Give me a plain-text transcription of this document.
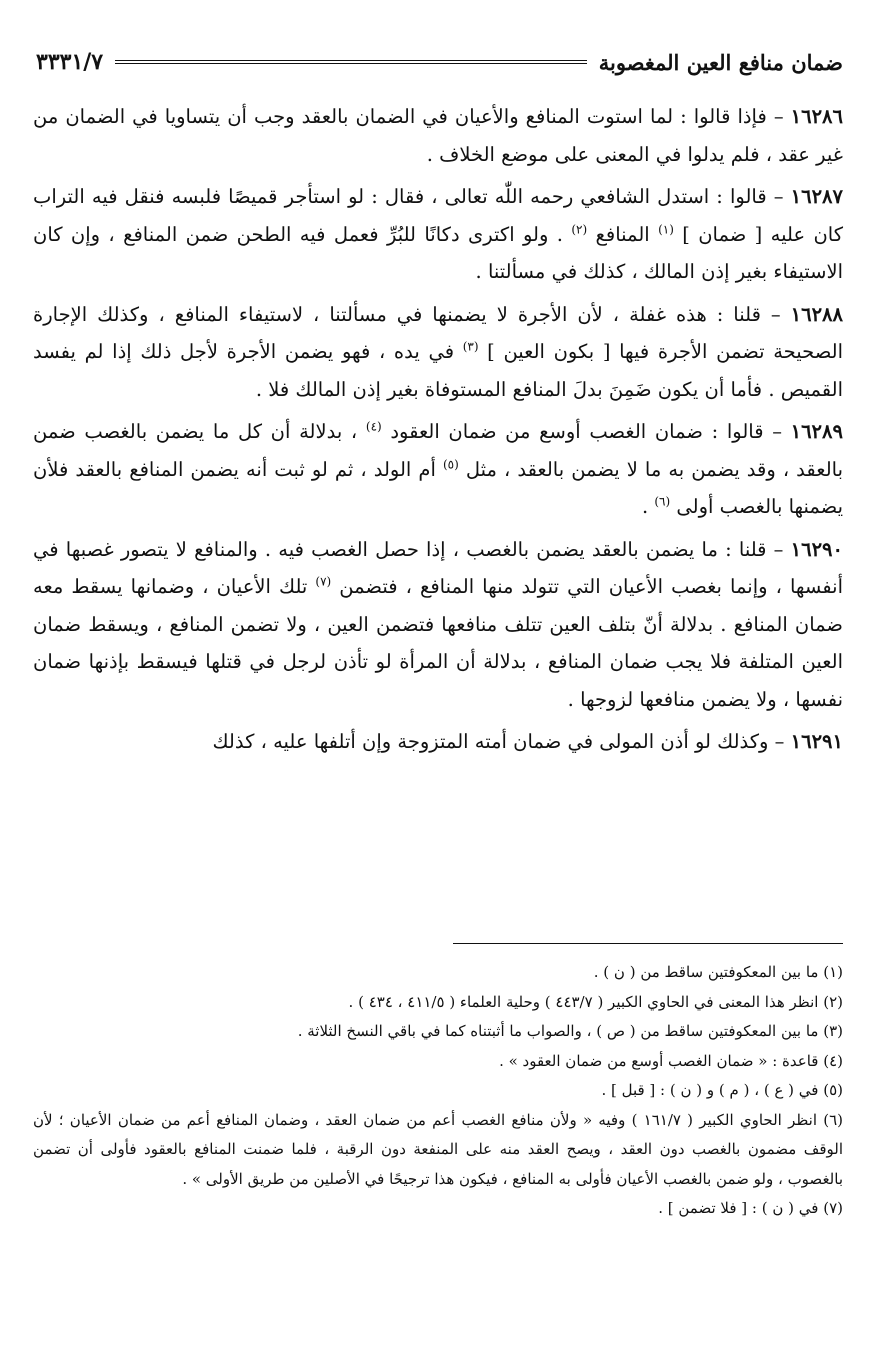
ضمان منافع العين المغصوبة
٣٣٣١/٧

١٦٢٨٦ – فإذا قالوا : لما استوت المنافع والأعيان في الضمان بالعقد وجب أن يتساويا في الضمان من غير عقد ، فلم يدلوا في المعنى على موضع الخلاف .

١٦٢٨٧ – قالوا : استدل الشافعي رحمه اللّٰه تعالى ، فقال : لو استأجر قميصًا فلبسه فنقل فيه التراب كان عليه [ ضمان ] $^{(١)}$ المنافع $^{(٢)}$ . ولو اكترى دكانًا للبُرِّ فعمل فيه الطحن ضمن المنافع ، وإن كان الاستيفاء بغير إذن المالك ، كذلك في مسألتنا .

١٦٢٨٨ – قلنا : هذه غفلة ، لأن الأجرة لا يضمنها في مسألتنا ، لاستيفاء المنافع ، وكذلك الإجارة الصحيحة تضمن الأجرة فيها [ بكون العين ] $^{(٣)}$ في يده ، فهو يضمن الأجرة لأجل ذلك إذا لم يفسد القميص . فأما أن يكون ضَمِنَ بدلَ المنافع المستوفاة بغير إذن المالك فلا .

١٦٢٨٩ – قالوا : ضمان الغصب أوسع من ضمان العقود $^{(٤)}$ ، بدلالة أن كل ما يضمن بالغصب ضمن بالعقد ، وقد يضمن به ما لا يضمن بالعقد ، مثل $^{(٥)}$ أم الولد ، ثم لو ثبت أنه يضمن المنافع بالعقد فلأن يضمنها بالغصب أولى $^{(٦)}$ .

١٦٢٩٠ – قلنا : ما يضمن بالعقد يضمن بالغصب ، إذا حصل الغصب فيه . والمنافع لا يتصور غصبها في أنفسها ، وإنما بغصب الأعيان التي تتولد منها المنافع ، فتضمن $^{(٧)}$ تلك الأعيان ، وضمانها يسقط معه ضمان المنافع . بدلالة أنّ بتلف العين تتلف منافعها فتضمن العين ، ولا تضمن المنافع ، ويسقط ضمان العين المتلفة فلا يجب ضمان المنافع ، بدلالة أن المرأة لو تأذن لرجل في قتلها فيسقط بإذنها ضمان نفسها ، ولا يضمن منافعها لزوجها .

١٦٢٩١ – وكذلك لو أذن المولى في ضمان أمته المتزوجة وإن أتلفها عليه ، كذلك

(١) ما بين المعكوفتين ساقط من ( ن ) .

(٢) انظر هذا المعنى في الحاوي الكبير ( ٤٤٣/٧ ) وحلية العلماء ( ٤١١/٥ ، ٤٣٤ ) .

(٣) ما بين المعكوفتين ساقط من ( ص ) ، والصواب ما أثبتناه كما في باقي النسخ الثلاثة .

(٤) قاعدة : « ضمان الغصب أوسع من ضمان العقود » .

(٥) في ( ع ) ، ( م ) و ( ن ) : [ قبل ] .

(٦) انظر الحاوي الكبير ( ١٦١/٧ ) وفيه « ولأن منافع الغصب أعم من ضمان العقد ، وضمان المنافع أعم من ضمان الأعيان ؛ لأن الوقف مضمون بالغصب دون العقد ، ويصح العقد منه على المنفعة دون الرقبة ، فلما ضمنت المنافع بالعقود فأولى أن تضمن بالغصوب ، ولو ضمن بالغصب الأعيان فأولى به المنافع ، فيكون هذا ترجيحًا في الأصلين من طريق الأولى » .

(٧) في ( ن ) : [ فلا تضمن ] .
